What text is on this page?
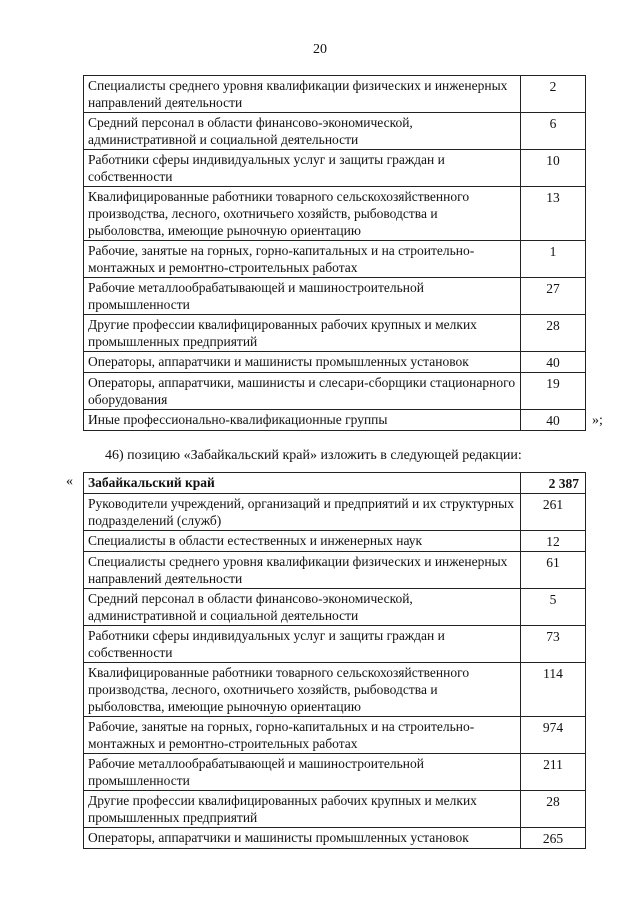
20
Специалисты среднего уровня квалификации физических и инженерных направлений деятельности	2
Средний персонал в области финансово-экономической, административной и социальной деятельности	6
Работники сферы индивидуальных услуг и защиты граждан и собственности	10
Квалифицированные работники товарного сельскохозяйственного производства, лесного, охотничьего хозяйств, рыбоводства и рыболовства, имеющие рыночную ориентацию	13
Рабочие, занятые на горных, горно-капитальных и на строительно-монтажных и ремонтно-строительных работах	1
Рабочие металлообрабатывающей и машиностроительной промышленности	27
Другие профессии квалифицированных рабочих крупных и мелких промышленных предприятий	28
Операторы, аппаратчики и машинисты промышленных установок	40
Операторы, аппаратчики, машинисты и слесари-сборщики стационарного оборудования	19
Иные профессионально-квалификационные группы	40 »;
46) позицию «Забайкальский край» изложить в следующей редакции:
« Забайкальский край	2 387
Руководители учреждений, организаций и предприятий и их структурных подразделений (служб)	261
Специалисты в области естественных и инженерных наук	12
Специалисты среднего уровня квалификации физических и инженерных направлений деятельности	61
Средний персонал в области финансово-экономической, административной и социальной деятельности	5
Работники сферы индивидуальных услуг и защиты граждан и собственности	73
Квалифицированные работники товарного сельскохозяйственного производства, лесного, охотничьего хозяйств, рыбоводства и рыболовства, имеющие рыночную ориентацию	114
Рабочие, занятые на горных, горно-капитальных и на строительно-монтажных и ремонтно-строительных работах	974
Рабочие металлообрабатывающей и машиностроительной промышленности	211
Другие профессии квалифицированных рабочих крупных и мелких промышленных предприятий	28
Операторы, аппаратчики и машинисты промышленных установок	265
